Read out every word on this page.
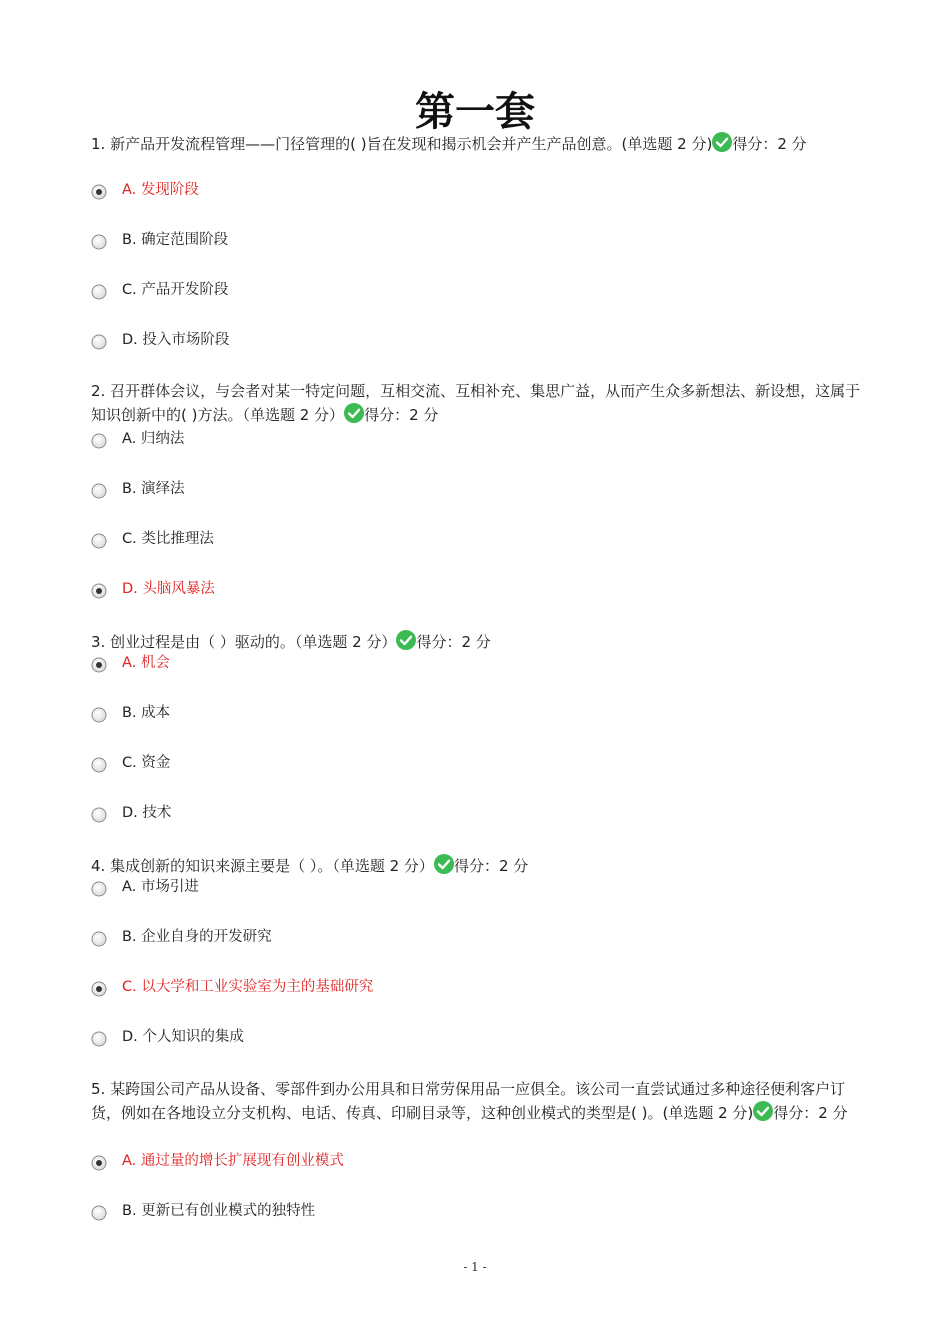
第一套
1. 新产品开发流程管理——门径管理的( )旨在发现和揭示机会并产生产品创意。(单选题 2 分) 得分：2 分
A. 发现阶段
B. 确定范围阶段
C. 产品开发阶段
D. 投入市场阶段
2. 召开群体会议，与会者对某一特定问题，互相交流、互相补充、集思广益，从而产生众多新想法、新设想，这属于知识创新中的( )方法。（单选题 2 分） 得分：2 分
A. 归纳法
B. 演绎法
C. 类比推理法
D. 头脑风暴法
3. 创业过程是由（ ）驱动的。（单选题 2 分） 得分：2 分
A. 机会
B. 成本
C. 资金
D. 技术
4. 集成创新的知识来源主要是（ ）。（单选题 2 分） 得分：2 分
A. 市场引进
B. 企业自身的开发研究
C. 以大学和工业实验室为主的基础研究
D. 个人知识的集成
5. 某跨国公司产品从设备、零部件到办公用具和日常劳保用品一应俱全。该公司一直尝试通过多种途径便利客户订货，例如在各地设立分支机构、电话、传真、印刷目录等，这种创业模式的类型是( )。(单选题 2 分) 得分：2 分
A. 通过量的增长扩展现有创业模式
B. 更新已有创业模式的独特性
- 1 -
